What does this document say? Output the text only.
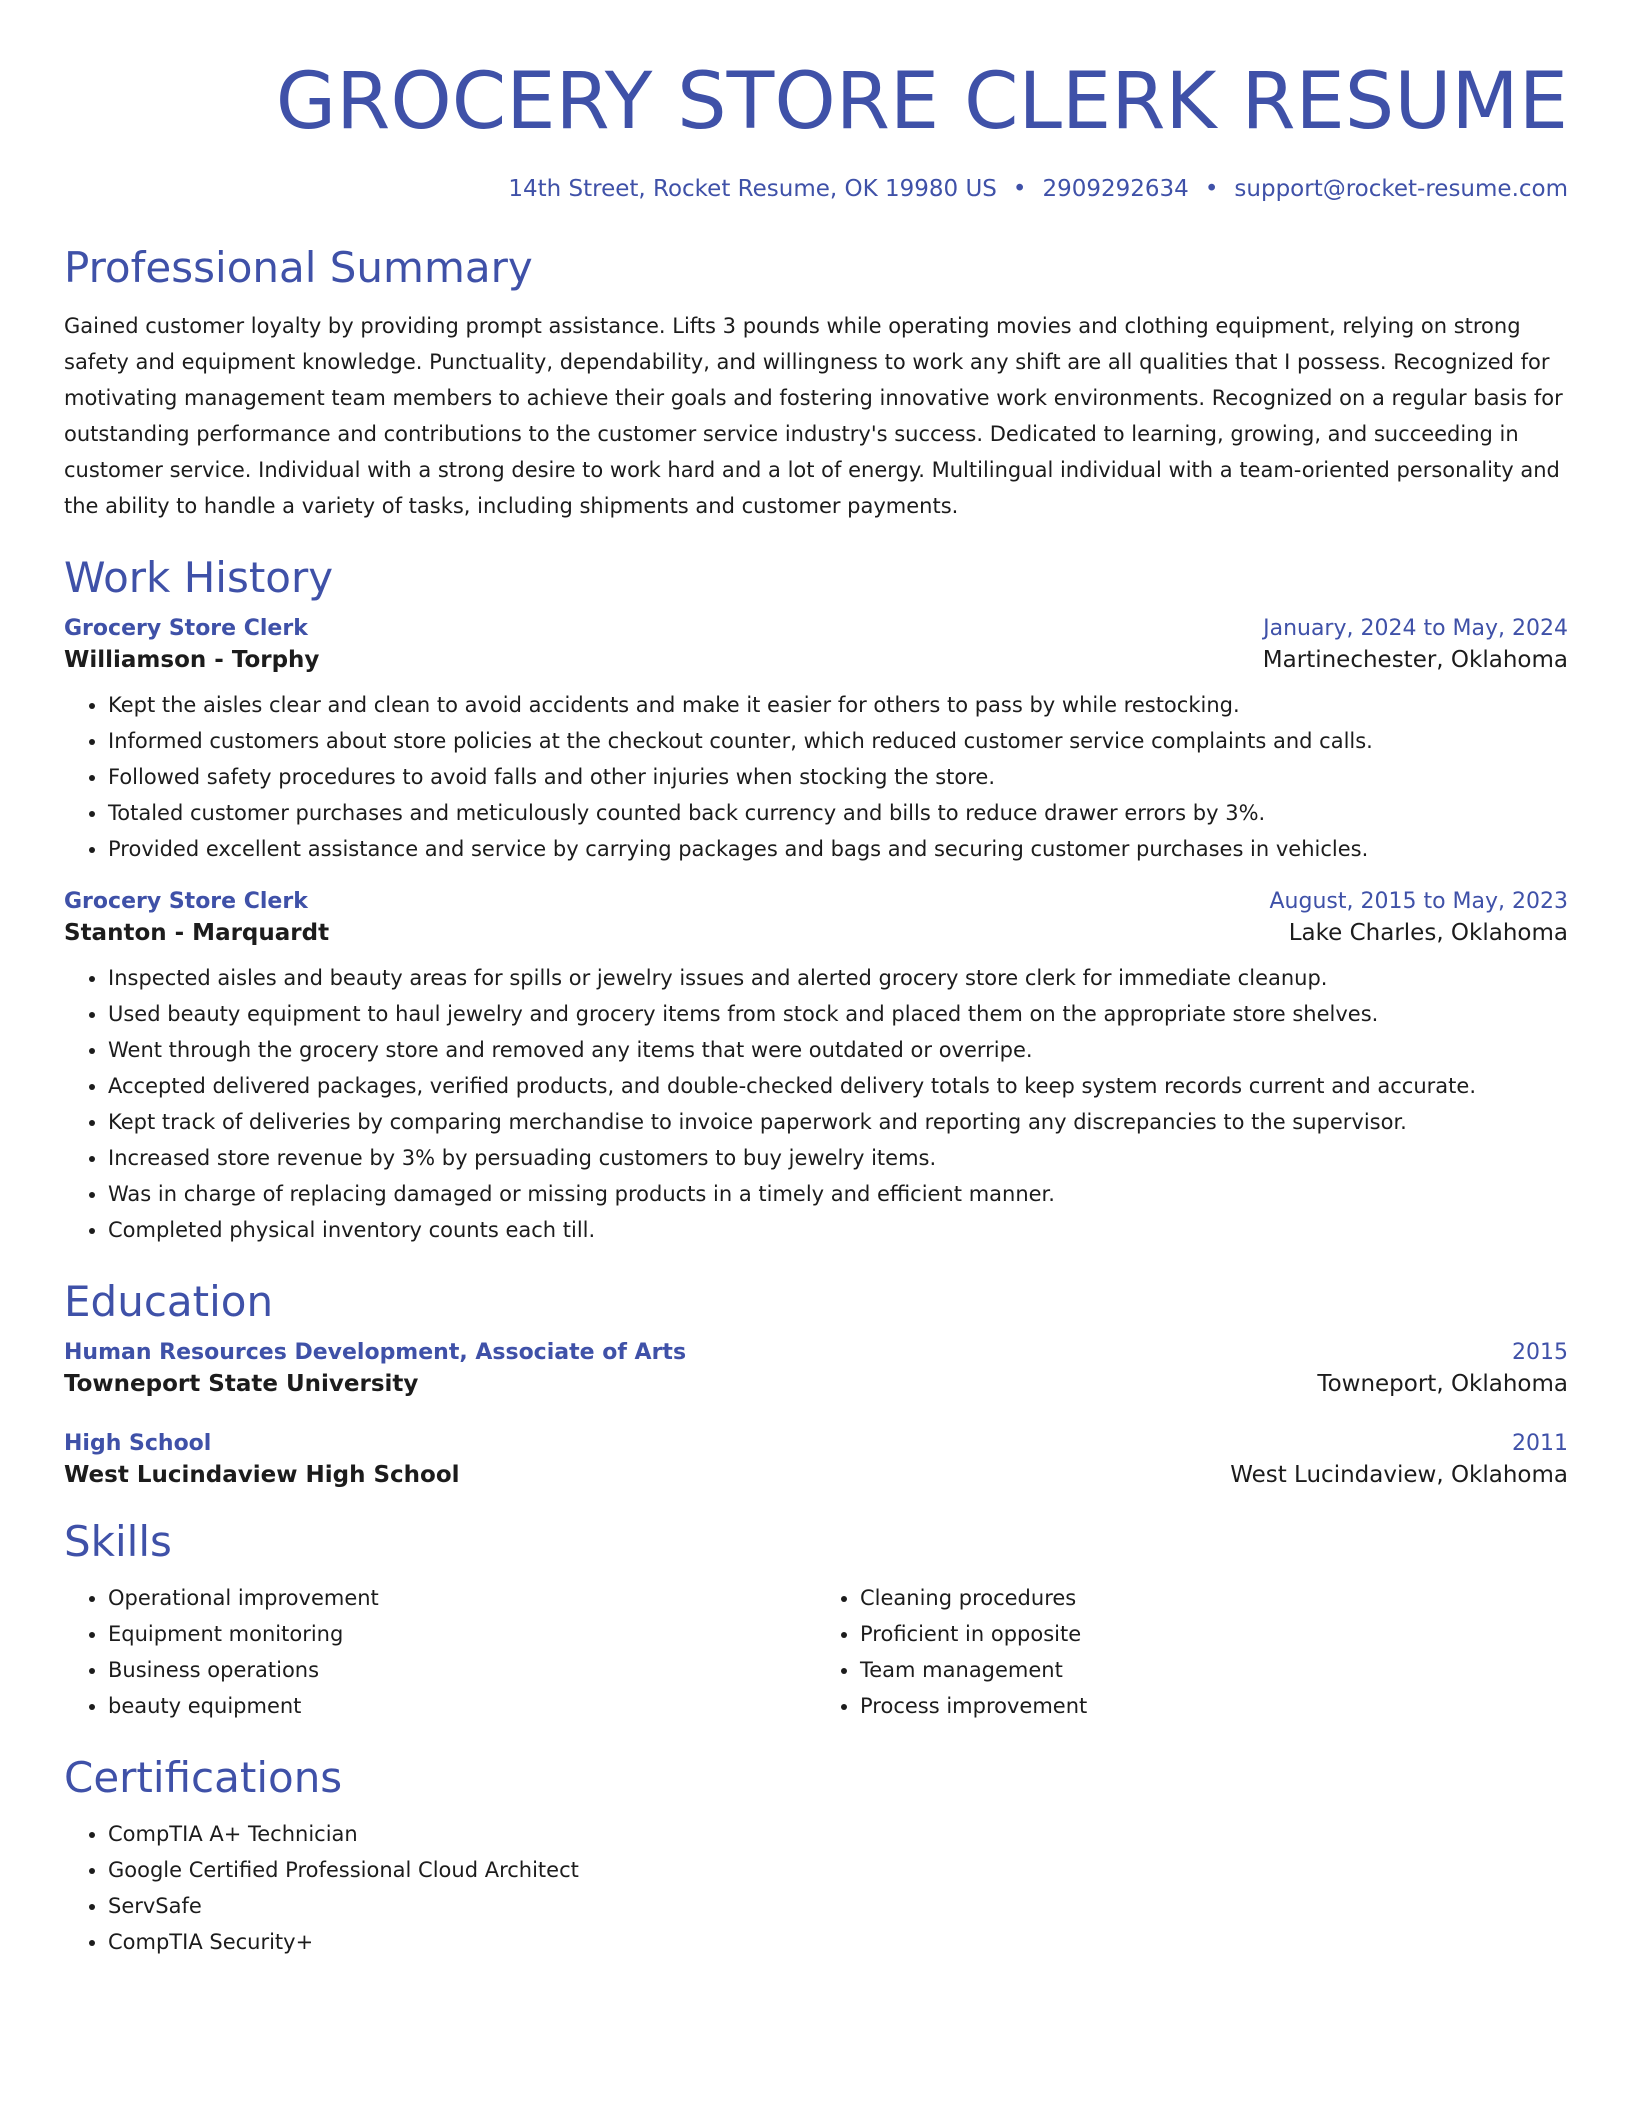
GROCERY STORE CLERK RESUME
14th Street, Rocket Resume, OK 19980 US • 2909292634 • support@rocket-resume.com
Professional Summary
Gained customer loyalty by providing prompt assistance. Lifts 3 pounds while operating movies and clothing equipment, relying on strong safety and equipment knowledge. Punctuality, dependability, and willingness to work any shift are all qualities that I possess. Recognized for motivating management team members to achieve their goals and fostering innovative work environments. Recognized on a regular basis for outstanding performance and contributions to the customer service industry's success. Dedicated to learning, growing, and succeeding in customer service. Individual with a strong desire to work hard and a lot of energy. Multilingual individual with a team-oriented personality and the ability to handle a variety of tasks, including shipments and customer payments.
Work History
Grocery Store Clerk	January, 2024 to May, 2024
Williamson - Torphy	Martinechester, Oklahoma
• Kept the aisles clear and clean to avoid accidents and make it easier for others to pass by while restocking.
• Informed customers about store policies at the checkout counter, which reduced customer service complaints and calls.
• Followed safety procedures to avoid falls and other injuries when stocking the store.
• Totaled customer purchases and meticulously counted back currency and bills to reduce drawer errors by 3%.
• Provided excellent assistance and service by carrying packages and bags and securing customer purchases in vehicles.
Grocery Store Clerk	August, 2015 to May, 2023
Stanton - Marquardt	Lake Charles, Oklahoma
• Inspected aisles and beauty areas for spills or jewelry issues and alerted grocery store clerk for immediate cleanup.
• Used beauty equipment to haul jewelry and grocery items from stock and placed them on the appropriate store shelves.
• Went through the grocery store and removed any items that were outdated or overripe.
• Accepted delivered packages, verified products, and double-checked delivery totals to keep system records current and accurate.
• Kept track of deliveries by comparing merchandise to invoice paperwork and reporting any discrepancies to the supervisor.
• Increased store revenue by 3% by persuading customers to buy jewelry items.
• Was in charge of replacing damaged or missing products in a timely and efficient manner.
• Completed physical inventory counts each till.
Education
Human Resources Development, Associate of Arts	2015
Towneport State University	Towneport, Oklahoma
High School	2011
West Lucindaview High School	West Lucindaview, Oklahoma
Skills
• Operational improvement
• Equipment monitoring
• Business operations
• beauty equipment
• Cleaning procedures
• Proficient in opposite
• Team management
• Process improvement
Certifications
• CompTIA A+ Technician
• Google Certified Professional Cloud Architect
• ServSafe
• CompTIA Security+
